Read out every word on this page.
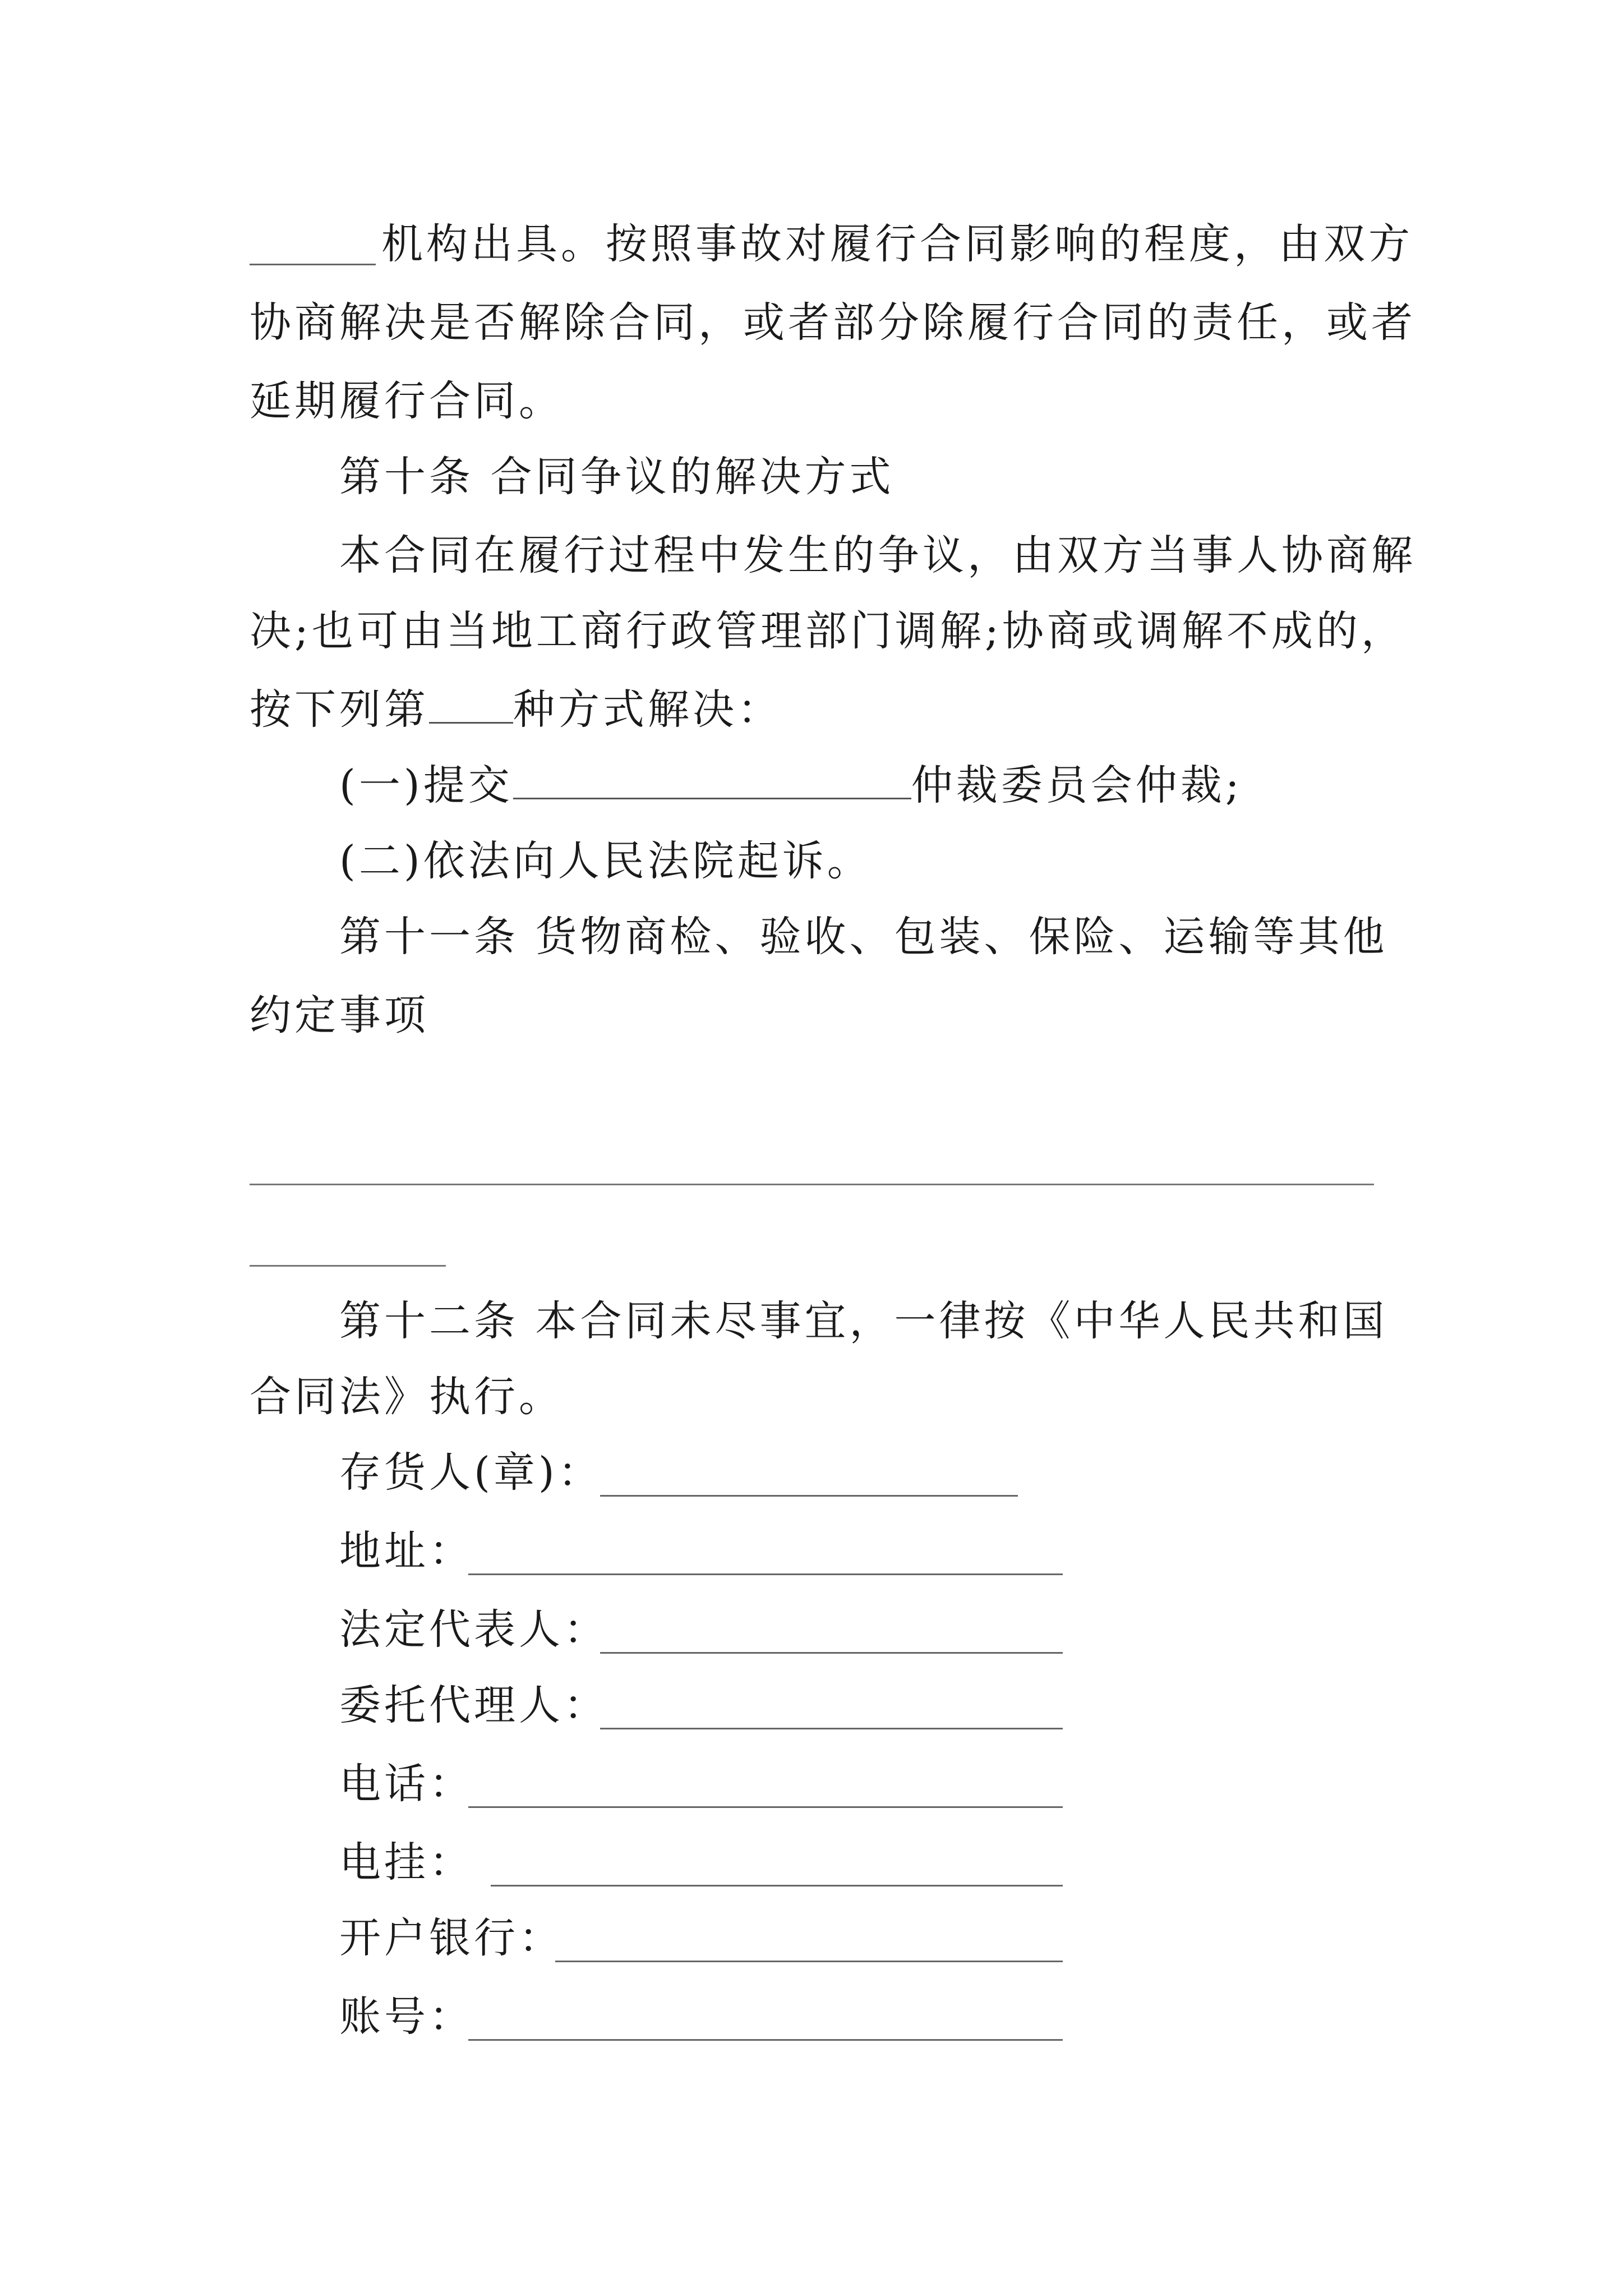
机构出具。按照事故对履行合同影响的程度，由双方
协商解决是否解除合同，或者部分除履行合同的责任，或者
延期履行合同。
第十条 合同争议的解决方式
本合同在履行过程中发生的争议，由双方当事人协商解
决;也可由当地工商行政管理部门调解;协商或调解不成的，
按下列第 种方式解决：
(一)提交	仲裁委员会仲裁;
(二)依法向人民法院起诉。
第十一条 货物商检、验收、包装、保险、运输等其他
约定事项
第十二条 本合同未尽事宜，一律按《中华人民共和国
合同法》执行。
存货人(章)：
地址：
法定代表人：
委托代理人：
电话：
电挂：
开户银行：
账号：
